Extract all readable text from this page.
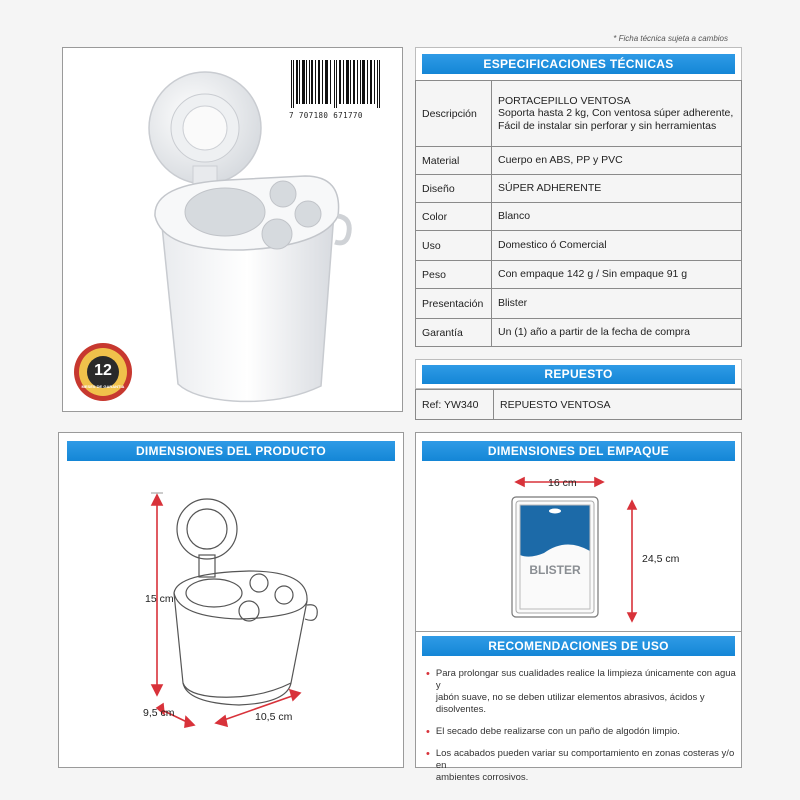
* Ficha técnica sujeta a cambios
7 707180 671770
12
MESES DE GARANTIA
ESPECIFICACIONES TÉCNICAS
Descripción	PORTACEPILLO VENTOSA
Soporta hasta 2 kg, Con ventosa súper adherente,
Fácil de instalar sin perforar y sin herramientas

Material	Cuerpo en ABS, PP y PVC

Diseño	SÚPER ADHERENTE

Color	Blanco

Uso	Domestico ó Comercial

Peso	Con empaque 142 g / Sin empaque 91 g

Presentación	Blister

Garantía	Un (1) año a partir de la fecha de compra
REPUESTO
Ref: YW340	REPUESTO VENTOSA
DIMENSIONES DEL PRODUCTO
15 cm
9,5 cm	10,5 cm
DIMENSIONES DEL EMPAQUE
16 cm
24,5 cm
BLISTER
RECOMENDACIONES DE USO
• Para prolongar sus cualidades realice la limpieza únicamente con agua y
jabón suave, no se deben utilizar elementos abrasivos, ácidos y disolventes.
• El secado debe realizarse con un paño de algodón limpio.
• Los acabados pueden variar su comportamiento en zonas costeras y/o en
ambientes corrosivos.
